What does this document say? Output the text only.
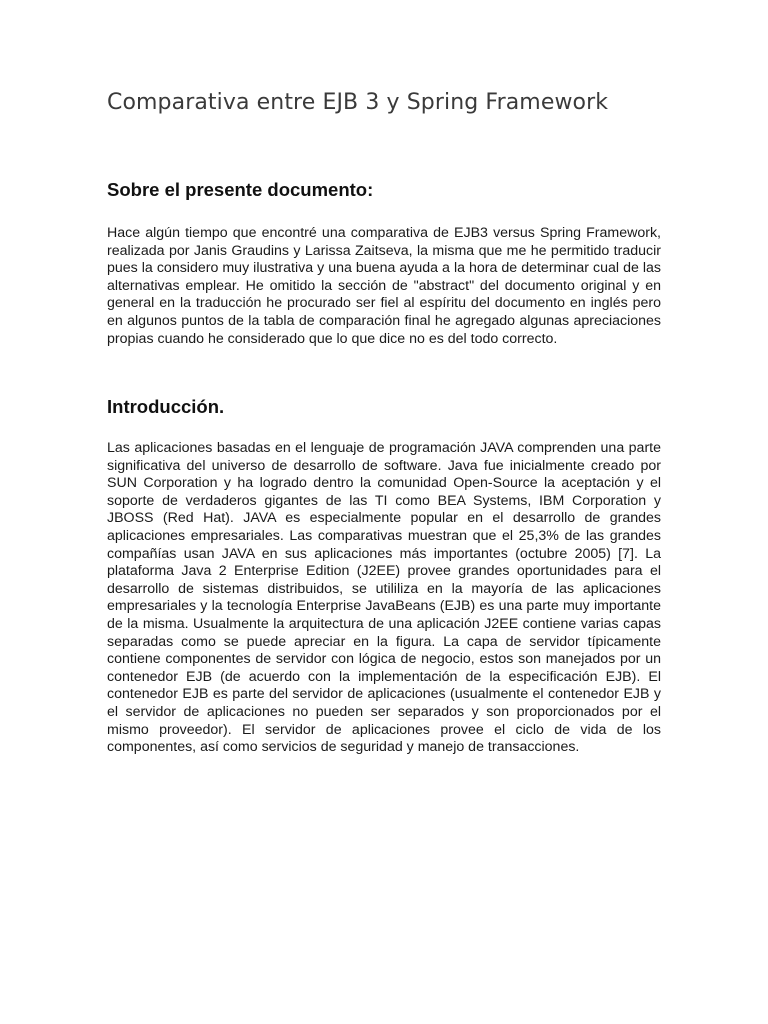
Comparativa entre EJB 3 y Spring Framework
Sobre el presente documento:

Hace algún tiempo que encontré una comparativa de EJB3 versus Spring Framework, realizada por Janis Graudins y Larissa Zaitseva, la misma que me he permitido traducir pues la considero muy ilustrativa y una buena ayuda a la hora de determinar cual de las alternativas emplear. He omitido la sección de "abstract" del documento original y en general en la traducción he procurado ser fiel al espíritu del documento en inglés pero en algunos puntos de la tabla de comparación final he agregado algunas apreciaciones propias cuando he considerado que lo que dice no es del todo correcto.

Introducción.

Las aplicaciones basadas en el lenguaje de programación JAVA comprenden una parte significativa del universo de desarrollo de software. Java fue inicialmente creado por SUN Corporation y ha logrado dentro la comunidad Open-Source la aceptación y el soporte de verdaderos gigantes de las TI como BEA Systems, IBM Corporation y JBOSS (Red Hat). JAVA es especialmente popular en el desarrollo de grandes aplicaciones empresariales. Las comparativas muestran que el 25,3% de las grandes compañías usan JAVA en sus aplicaciones más importantes (octubre 2005) [7]. La plataforma Java 2 Enterprise Edition (J2EE) provee grandes oportunidades para el desarrollo de sistemas distribuidos, se utililiza en la mayoría de las aplicaciones empresariales y la tecnología Enterprise JavaBeans (EJB) es una parte muy importante de la misma. Usualmente la arquitectura de una aplicación J2EE contiene varias capas separadas como se puede apreciar en la figura. La capa de servidor típicamente contiene componentes de servidor con lógica de negocio, estos son manejados por un contenedor EJB (de acuerdo con la implementación de la especificación EJB). El contenedor EJB es parte del servidor de aplicaciones (usualmente el contenedor EJB y el servidor de aplicaciones no pueden ser separados y son proporcionados por el mismo proveedor). El servidor de aplicaciones provee el ciclo de vida de los componentes, así como servicios de seguridad y manejo de transacciones.
